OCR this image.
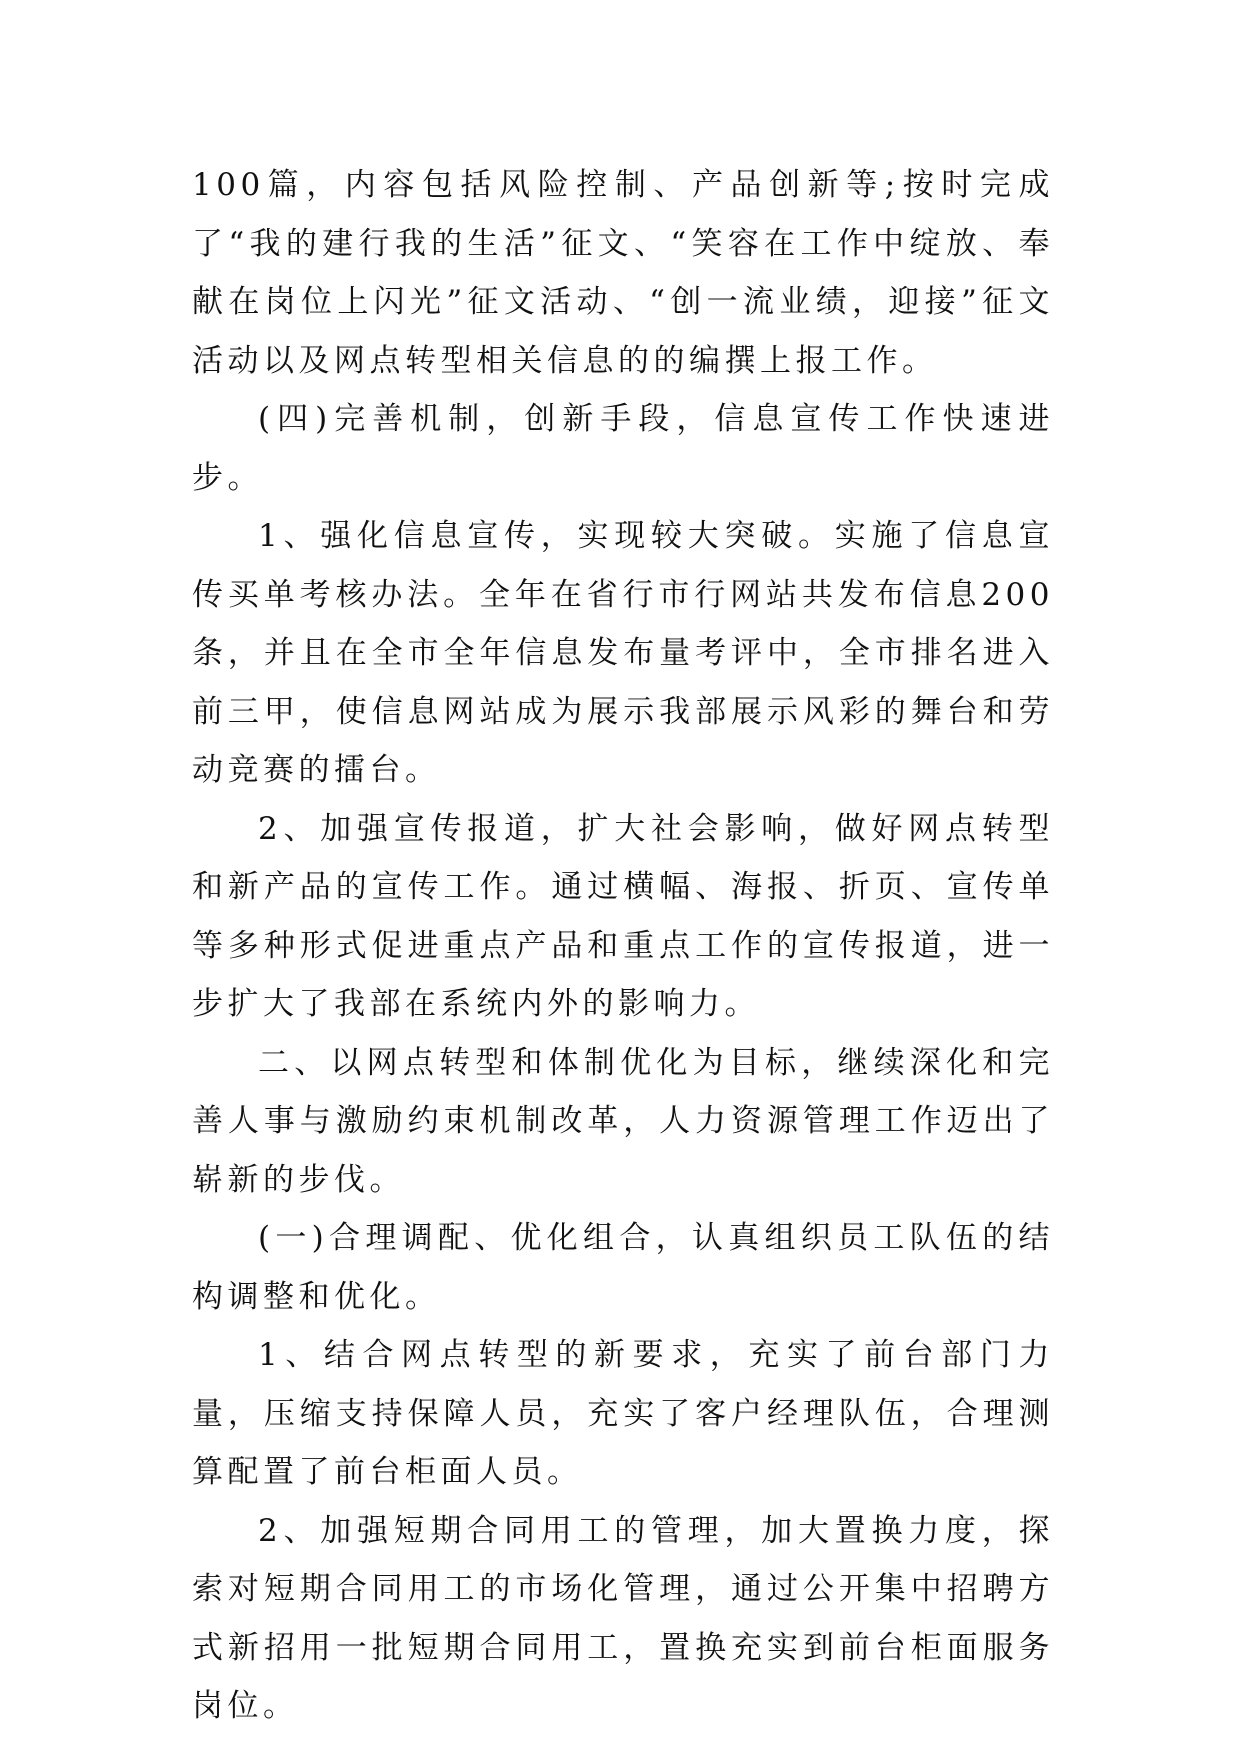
100篇，内容包括风险控制、产品创新等;按时完成了“我的建行我的生活”征文、“笑容在工作中绽放、奉献在岗位上闪光”征文活动、“创一流业绩，迎接”征文活动以及网点转型相关信息的的编撰上报工作。

(四)完善机制，创新手段，信息宣传工作快速进步。

1、强化信息宣传，实现较大突破。实施了信息宣传买单考核办法。全年在省行市行网站共发布信息200条，并且在全市全年信息发布量考评中，全市排名进入前三甲，使信息网站成为展示我部展示风彩的舞台和劳动竞赛的擂台。

2、加强宣传报道，扩大社会影响，做好网点转型和新产品的宣传工作。通过横幅、海报、折页、宣传单等多种形式促进重点产品和重点工作的宣传报道，进一步扩大了我部在系统内外的影响力。

二、以网点转型和体制优化为目标，继续深化和完善人事与激励约束机制改革，人力资源管理工作迈出了崭新的步伐。

(一)合理调配、优化组合，认真组织员工队伍的结构调整和优化。

1、结合网点转型的新要求，充实了前台部门力量，压缩支持保障人员，充实了客户经理队伍，合理测算配置了前台柜面人员。

2、加强短期合同用工的管理，加大置换力度，探索对短期合同用工的市场化管理，通过公开集中招聘方式新招用一批短期合同用工，置换充实到前台柜面服务岗位。
